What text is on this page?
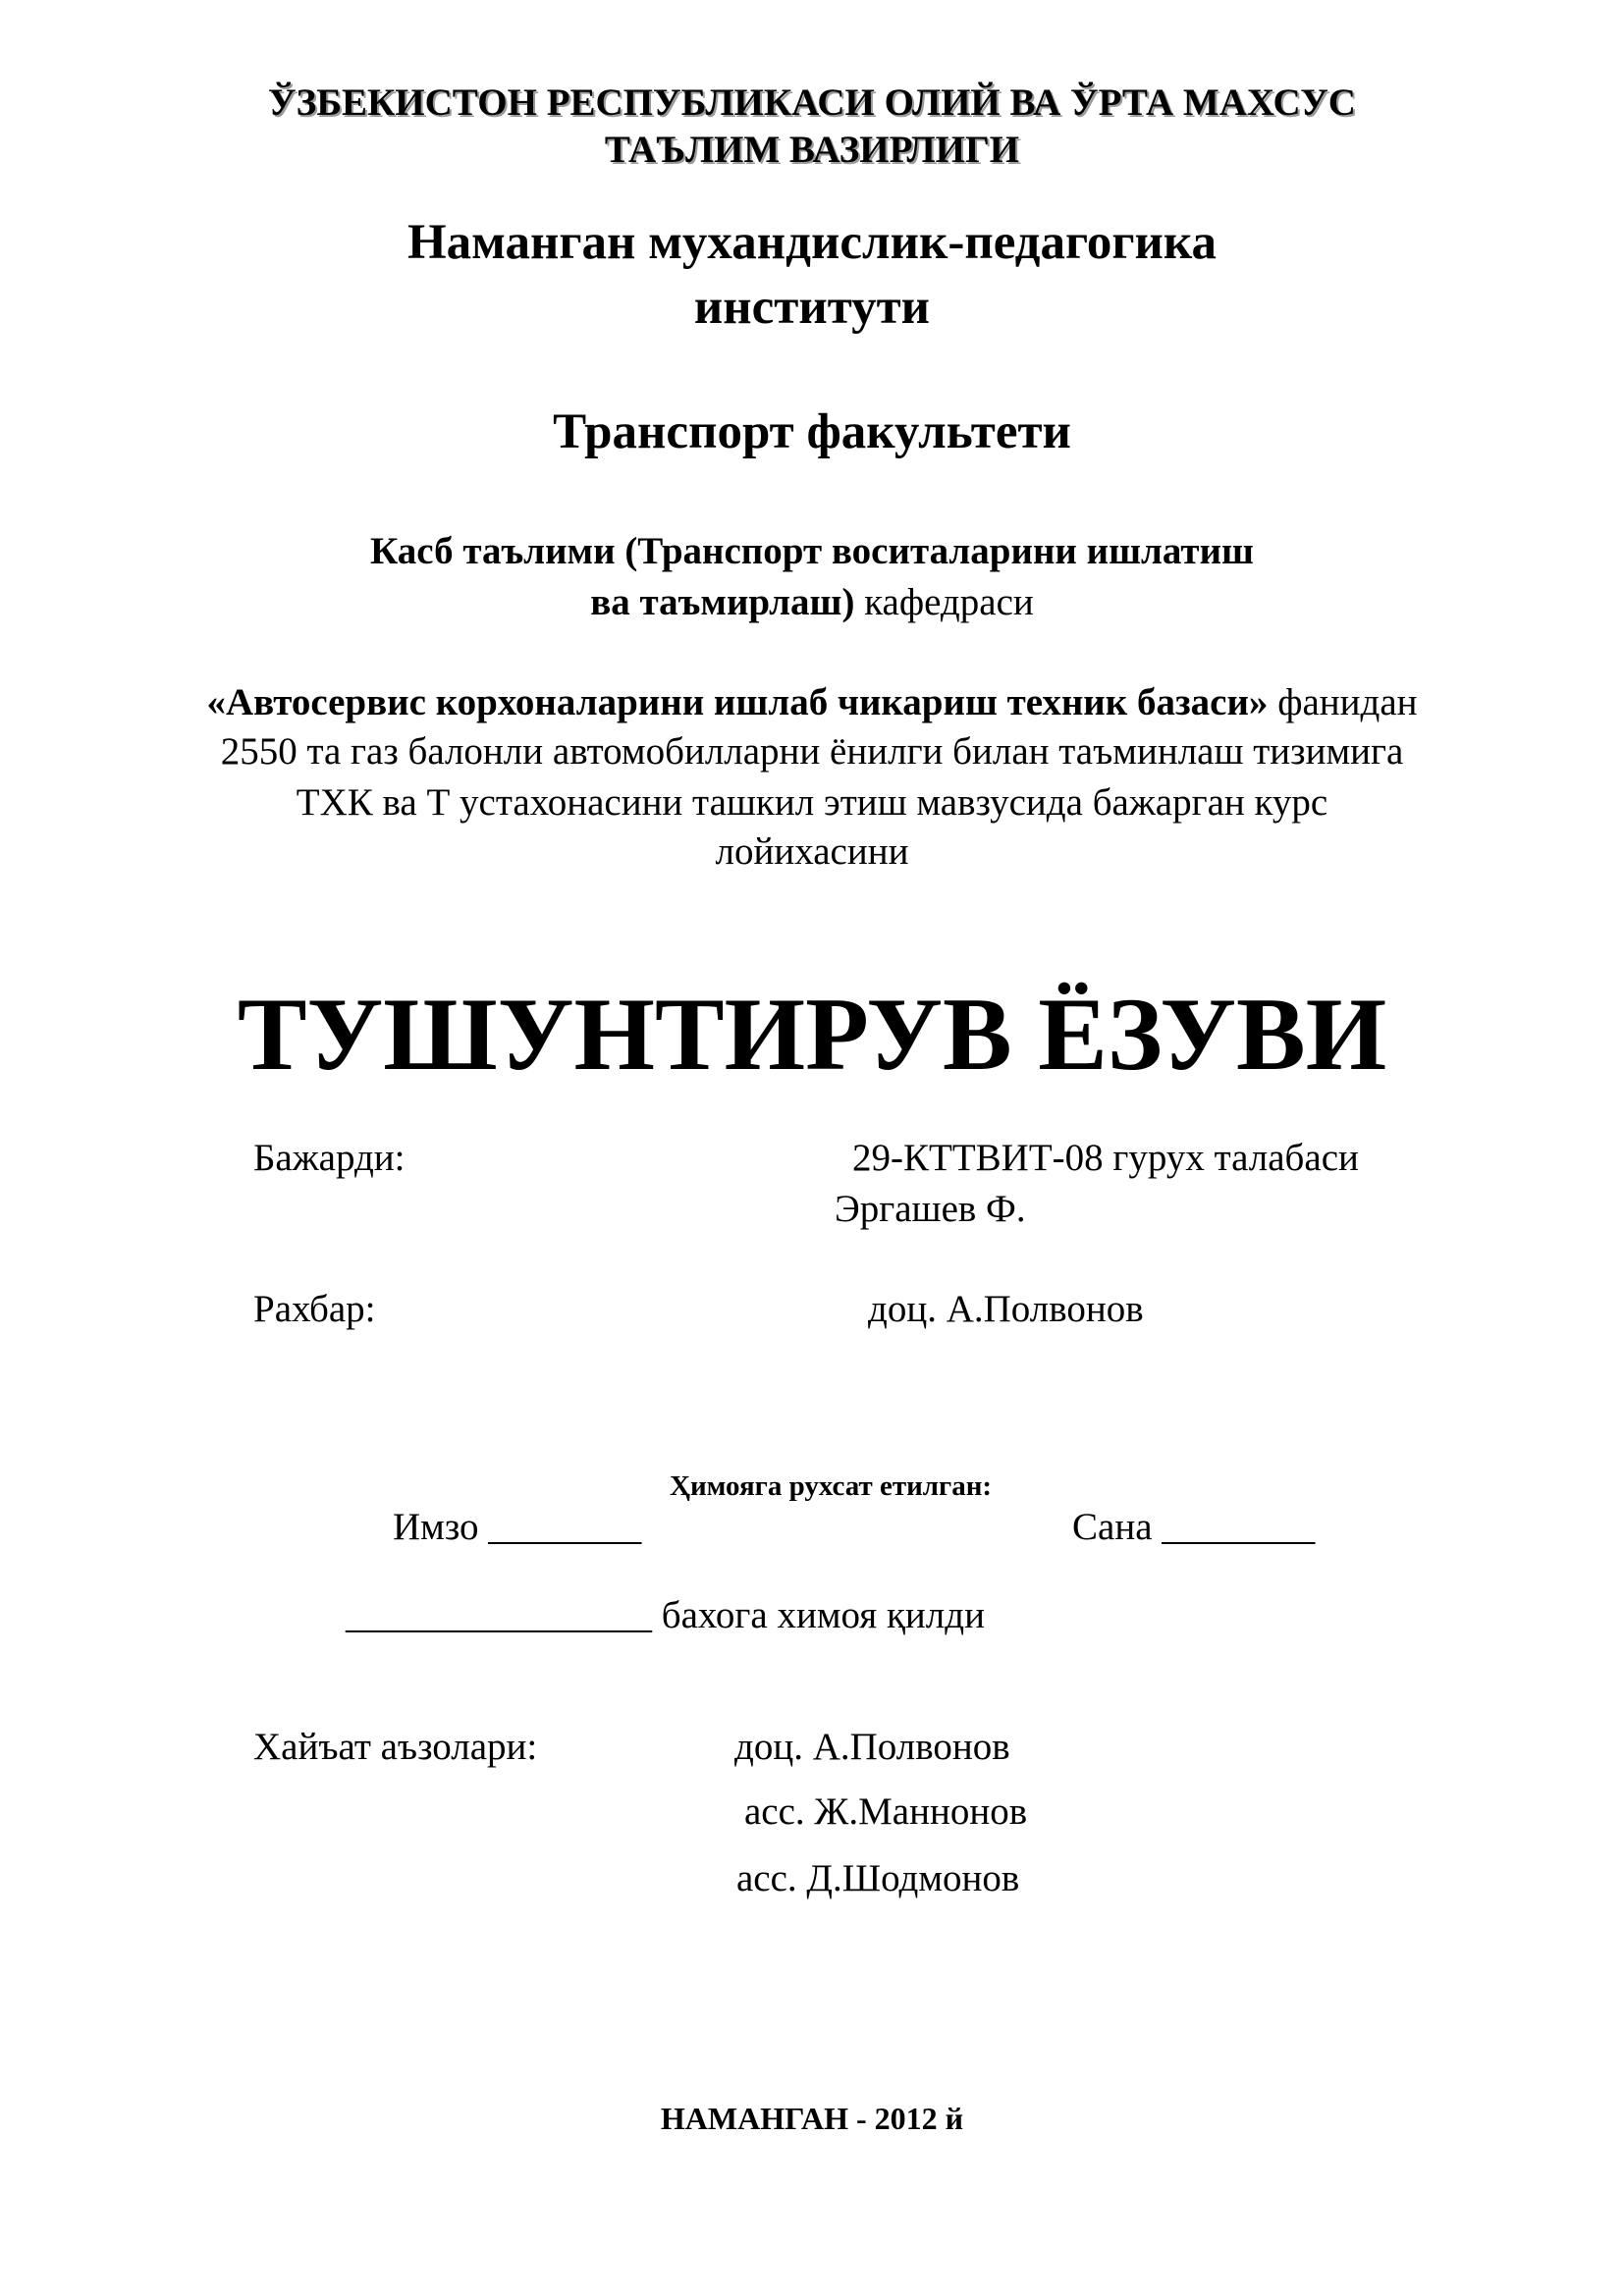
ЎЗБЕКИСТОН РЕСПУБЛИКАСИ ОЛИЙ ВА ЎРТА МАХСУС
ТАЪЛИМ ВАЗИРЛИГИ
Наманган мухандислик-педагогика
институти
Транспорт факультети
Касб таълими (Транспорт воситаларини ишлатиш
ва таъмирлаш) кафедраси
«Автосервис корхоналарини ишлаб чикариш техник базаси» фанидан
2550 та газ балонли автомобилларни ёнилги билан таъминлаш тизимига
ТХК ва Т устахонасини ташкил этиш мавзусида бажарган курс
лойихасини
ТУШУНТИРУВ ЁЗУВИ
Бажарди:	29-КТТВИТ-08 гурух талабаси
Эргашев Ф.
Рахбар:	доц. А.Полвонов
Ҳимояга рухсат етилган:
Имзо ________	Сана ________
________________ бахога химоя қилди
Хайъат аъзолари:	доц. А.Полвонов
асс. Ж.Маннонов
асс. Д.Шодмонов
НАМАНГАН - 2012 й
